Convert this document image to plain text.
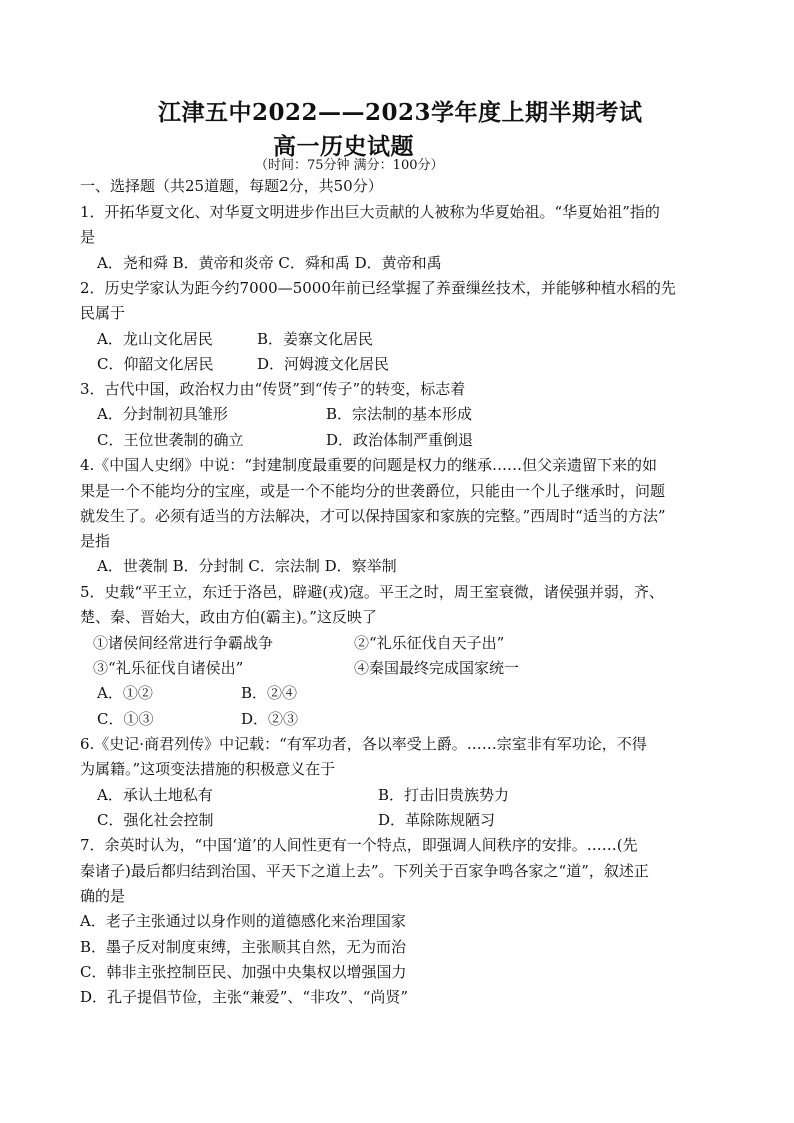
江津五中2022——2023学年度上期半期考试
高一历史试题
（时间：75分钟 满分：100分）
一、选择题（共25道题，每题2分，共50分）
1．开拓华夏文化、对华夏文明进步作出巨大贡献的人被称为华夏始祖。“华夏始祖”指的
是
A．尧和舜 B．黄帝和炎帝 C．舜和禹 D．黄帝和禹
2．历史学家认为距今约7000—5000年前已经掌握了养蚕缫丝技术，并能够种植水稻的先
民属于
A．龙山文化居民	B．姜寨文化居民
C．仰韶文化居民	D．河姆渡文化居民
3．古代中国，政治权力由“传贤”到“传子”的转变，标志着
A．分封制初具雏形	B．宗法制的基本形成
C．王位世袭制的确立	D．政治体制严重倒退
4.《中国人史纲》中说：“封建制度最重要的问题是权力的继承……但父亲遗留下来的如
果是一个不能均分的宝座，或是一个不能均分的世袭爵位，只能由一个儿子继承时，问题
就发生了。必须有适当的方法解决，才可以保持国家和家族的完整。”西周时“适当的方法”
是指
A．世袭制 B．分封制 C．宗法制 D．察举制
5．史载“平王立，东迁于洛邑，辟避(戎)寇。平王之时，周王室衰微，诸侯强并弱，齐、
楚、秦、晋始大，政由方伯(霸主)。”这反映了
①诸侯间经常进行争霸战争	②“礼乐征伐自天子出”
③“礼乐征伐自诸侯出”	④秦国最终完成国家统一
A．①②	B．②④
C．①③	D．②③
6.《史记·商君列传》中记载：“有军功者，各以率受上爵。……宗室非有军功论，不得
为属籍。”这项变法措施的积极意义在于
A．承认土地私有	B．打击旧贵族势力
C．强化社会控制	D．革除陈规陋习
7．余英时认为，“中国‘道’的人间性更有一个特点，即强调人间秩序的安排。……(先
秦诸子)最后都归结到治国、平天下之道上去”。下列关于百家争鸣各家之“道”，叙述正
确的是
A．老子主张通过以身作则的道德感化来治理国家
B．墨子反对制度束缚，主张顺其自然，无为而治
C．韩非主张控制臣民、加强中央集权以增强国力
D．孔子提倡节俭，主张“兼爱”、“非攻”、“尚贤”
